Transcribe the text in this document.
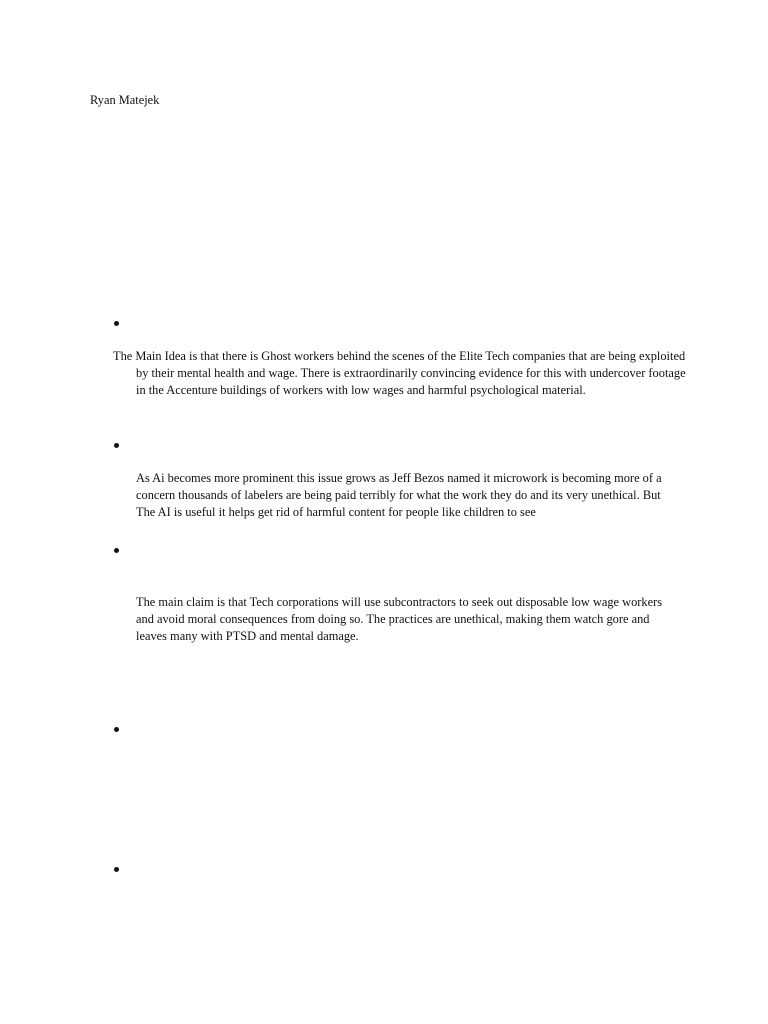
Ryan Matejek
The Main Idea is that there is Ghost workers behind the scenes of the Elite Tech companies that are being exploited by their mental health and wage. There is extraordinarily convincing evidence for this with undercover footage in the Accenture buildings of workers with low wages and harmful psychological material.
As Ai becomes more prominent this issue grows as Jeff Bezos named it microwork is becoming more of a concern thousands of labelers are being paid terribly for what the work they do and its very unethical. But The AI is useful it helps get rid of harmful content for people like children to see
The main claim is that Tech corporations will use subcontractors to seek out disposable low wage workers and avoid moral consequences from doing so. The practices are unethical, making them watch gore and leaves many with PTSD and mental damage.
